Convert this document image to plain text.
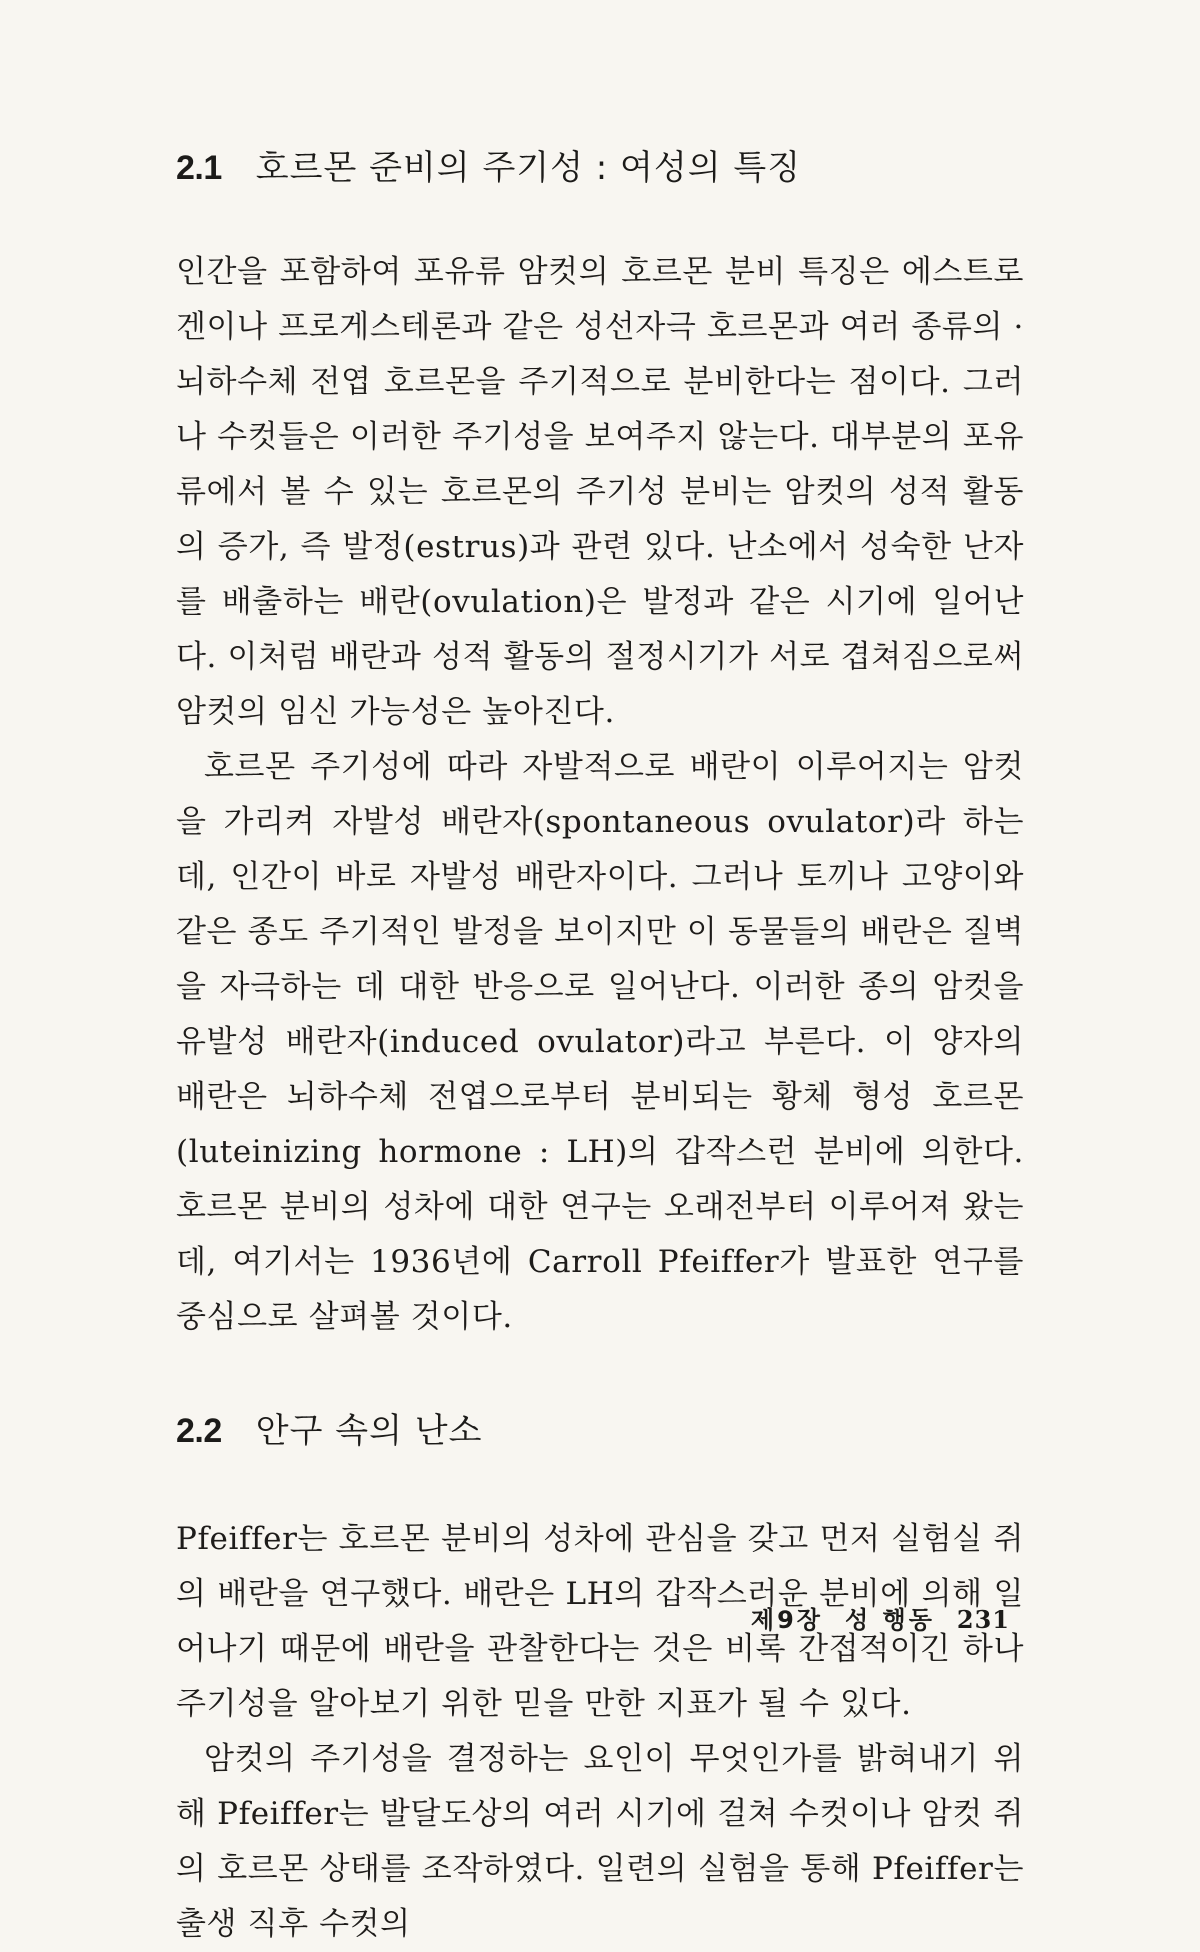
2.1 호르몬 준비의 주기성 : 여성의 특징

인간을 포함하여 포유류 암컷의 호르몬 분비 특징은 에스트로겐이나 프로게스테론과 같은 성선자극 호르몬과 여러 종류의 ·뇌하수체 전엽 호르몬을 주기적으로 분비한다는 점이다. 그러나 수컷들은 이러한 주기성을 보여주지 않는다. 대부분의 포유류에서 볼 수 있는 호르몬의 주기성 분비는 암컷의 성적 활동의 증가, 즉 발정(estrus)과 관련 있다. 난소에서 성숙한 난자를 배출하는 배란(ovulation)은 발정과 같은 시기에 일어난다. 이처럼 배란과 성적 활동의 절정시기가 서로 겹쳐짐으로써 암컷의 임신 가능성은 높아진다.

호르몬 주기성에 따라 자발적으로 배란이 이루어지는 암컷을 가리켜 자발성 배란자(spontaneous ovulator)라 하는데, 인간이 바로 자발성 배란자이다. 그러나 토끼나 고양이와 같은 종도 주기적인 발정을 보이지만 이 동물들의 배란은 질벽을 자극하는 데 대한 반응으로 일어난다. 이러한 종의 암컷을 유발성 배란자(induced ovulator)라고 부른다. 이 양자의 배란은 뇌하수체 전엽으로부터 분비되는 황체 형성 호르몬(luteinizing hormone : LH)의 갑작스런 분비에 의한다. 호르몬 분비의 성차에 대한 연구는 오래전부터 이루어져 왔는데, 여기서는 1936년에 Carroll Pfeiffer가 발표한 연구를 중심으로 살펴볼 것이다.

2.2 안구 속의 난소

Pfeiffer는 호르몬 분비의 성차에 관심을 갖고 먼저 실험실 쥐의 배란을 연구했다. 배란은 LH의 갑작스러운 분비에 의해 일어나기 때문에 배란을 관찰한다는 것은 비록 간접적이긴 하나 주기성을 알아보기 위한 믿을 만한 지표가 될 수 있다.

암컷의 주기성을 결정하는 요인이 무엇인가를 밝혀내기 위해 Pfeiffer는 발달도상의 여러 시기에 걸쳐 수컷이나 암컷 쥐의 호르몬 상태를 조작하였다. 일련의 실험을 통해 Pfeiffer는 출생 직후 수컷의

제9장 성 행동 231
